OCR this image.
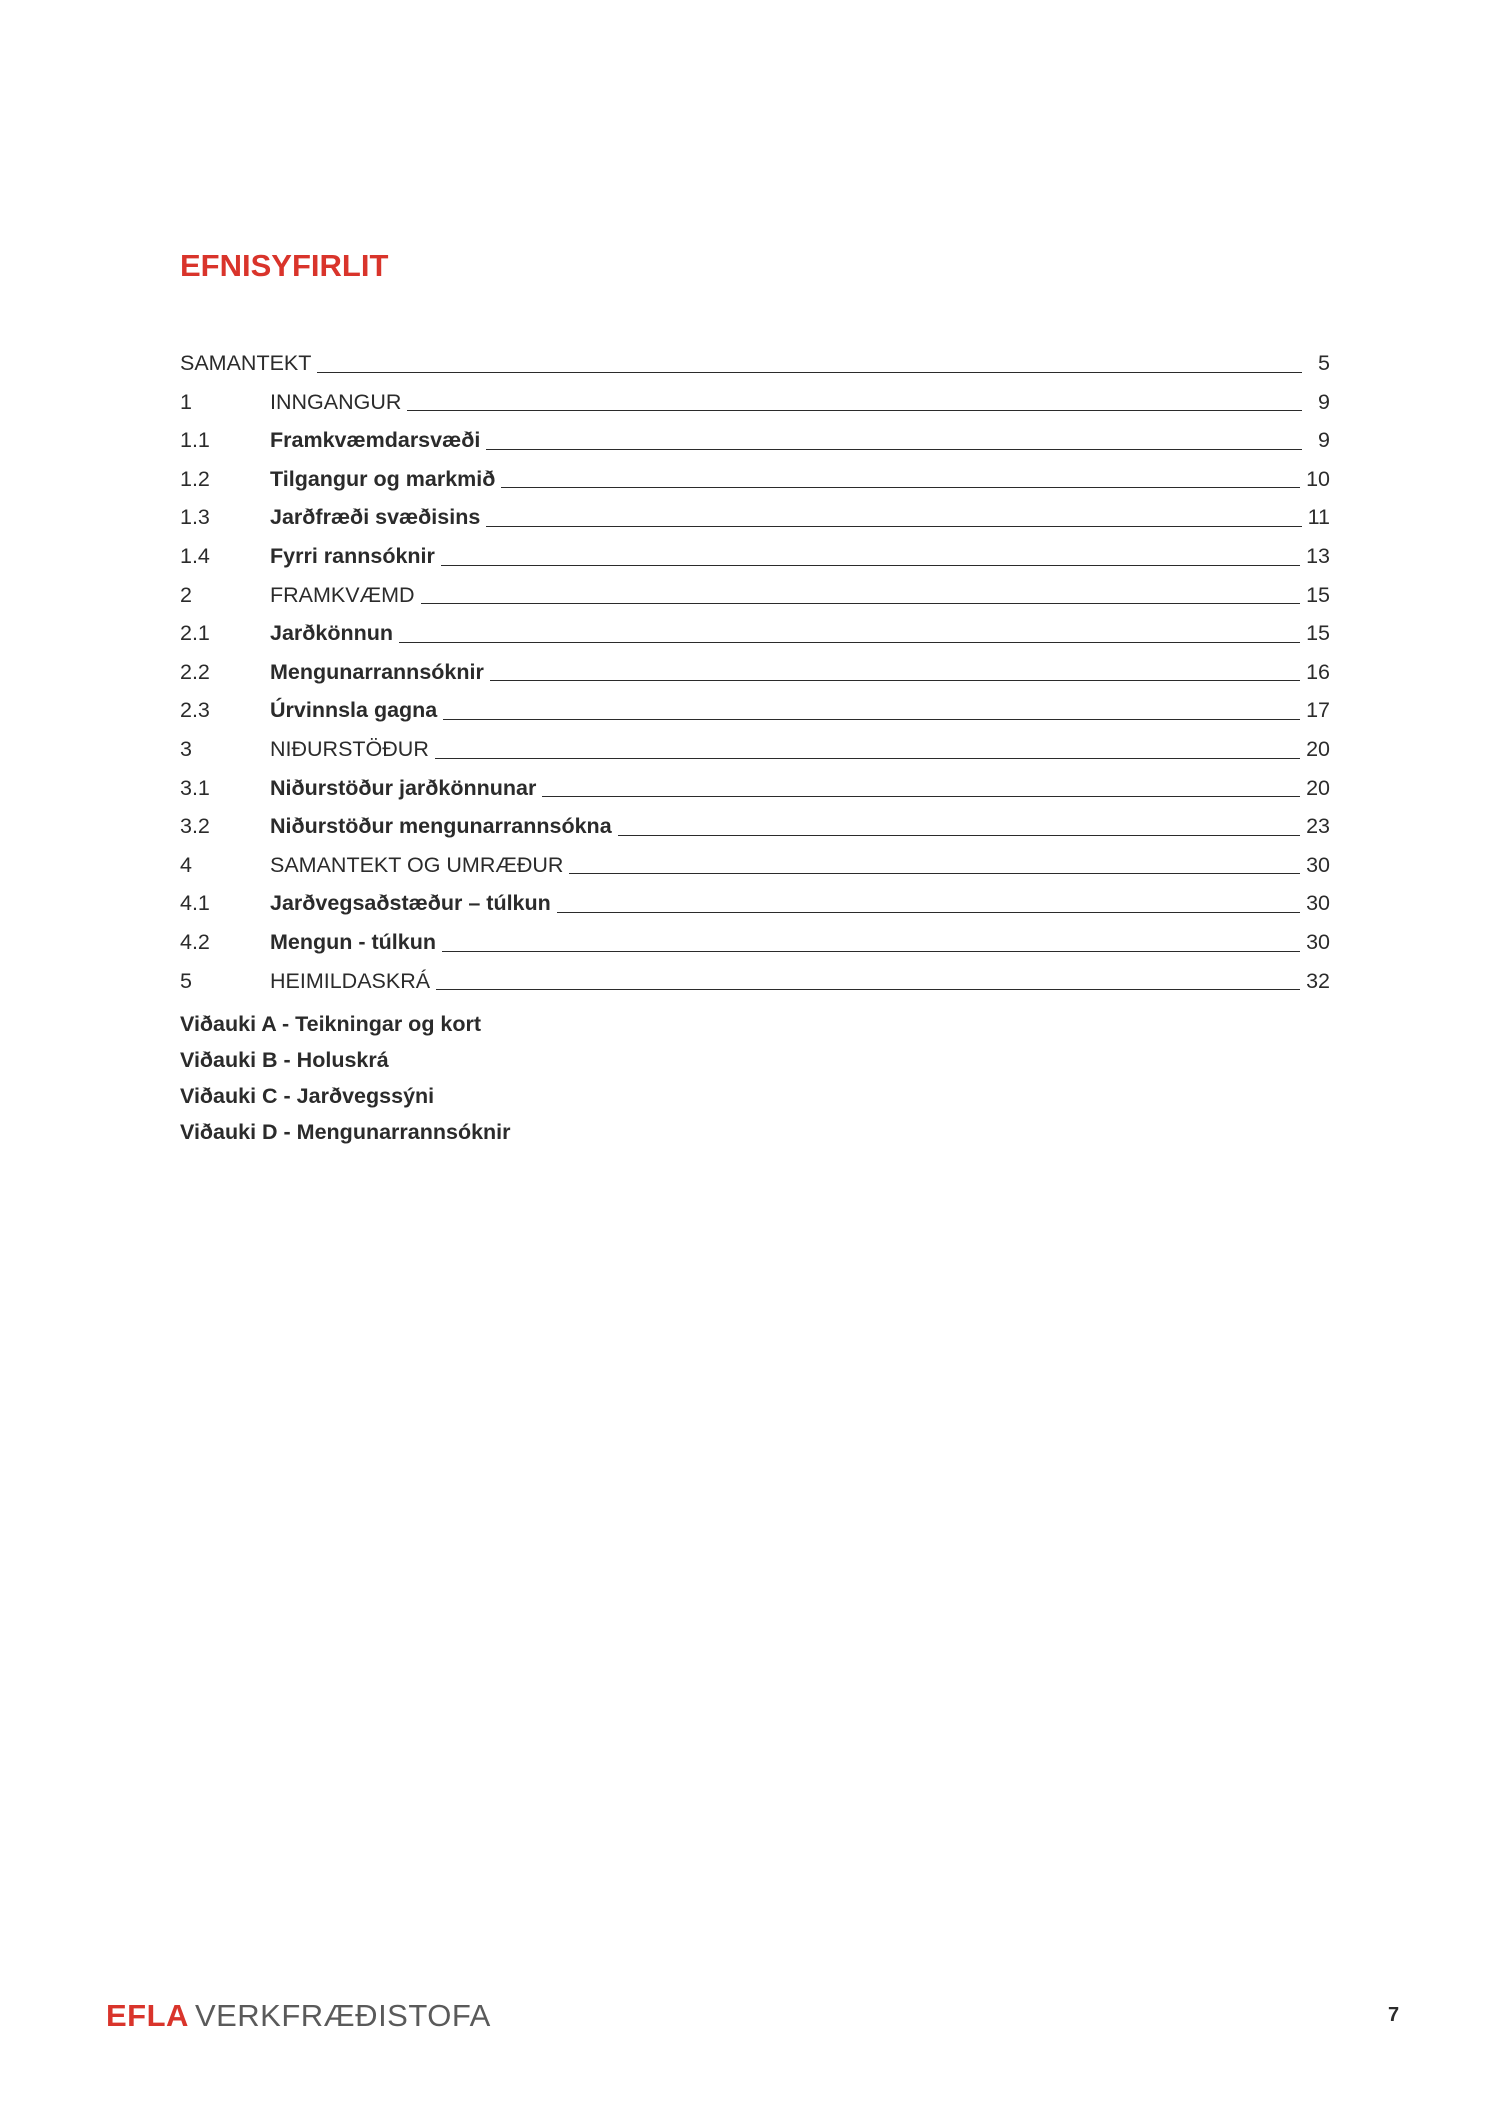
EFNISYFIRLIT
SAMANTEKT	5
1	INNGANGUR	9
1.1	Framkvæmdarsvæði	9
1.2	Tilgangur og markmið	10
1.3	Jarðfræði svæðisins	11
1.4	Fyrri rannsóknir	13
2	FRAMKVÆMD	15
2.1	Jarðkönnun	15
2.2	Mengunarrannsóknir	16
2.3	Úrvinnsla gagna	17
3	NIÐURSTÖÐUR	20
3.1	Niðurstöður jarðkönnunar	20
3.2	Niðurstöður mengunarrannsókna	23
4	SAMANTEKT OG UMRÆÐUR	30
4.1	Jarðvegsaðstæður – túlkun	30
4.2	Mengun - túlkun	30
5	HEIMILDASKRÁ	32
Viðauki A - Teikningar og kort
Viðauki B - Holuskrá
Viðauki C - Jarðvegssýni
Viðauki D - Mengunarrannsóknir
EFLA VERKFRÆÐISTOFA	7
